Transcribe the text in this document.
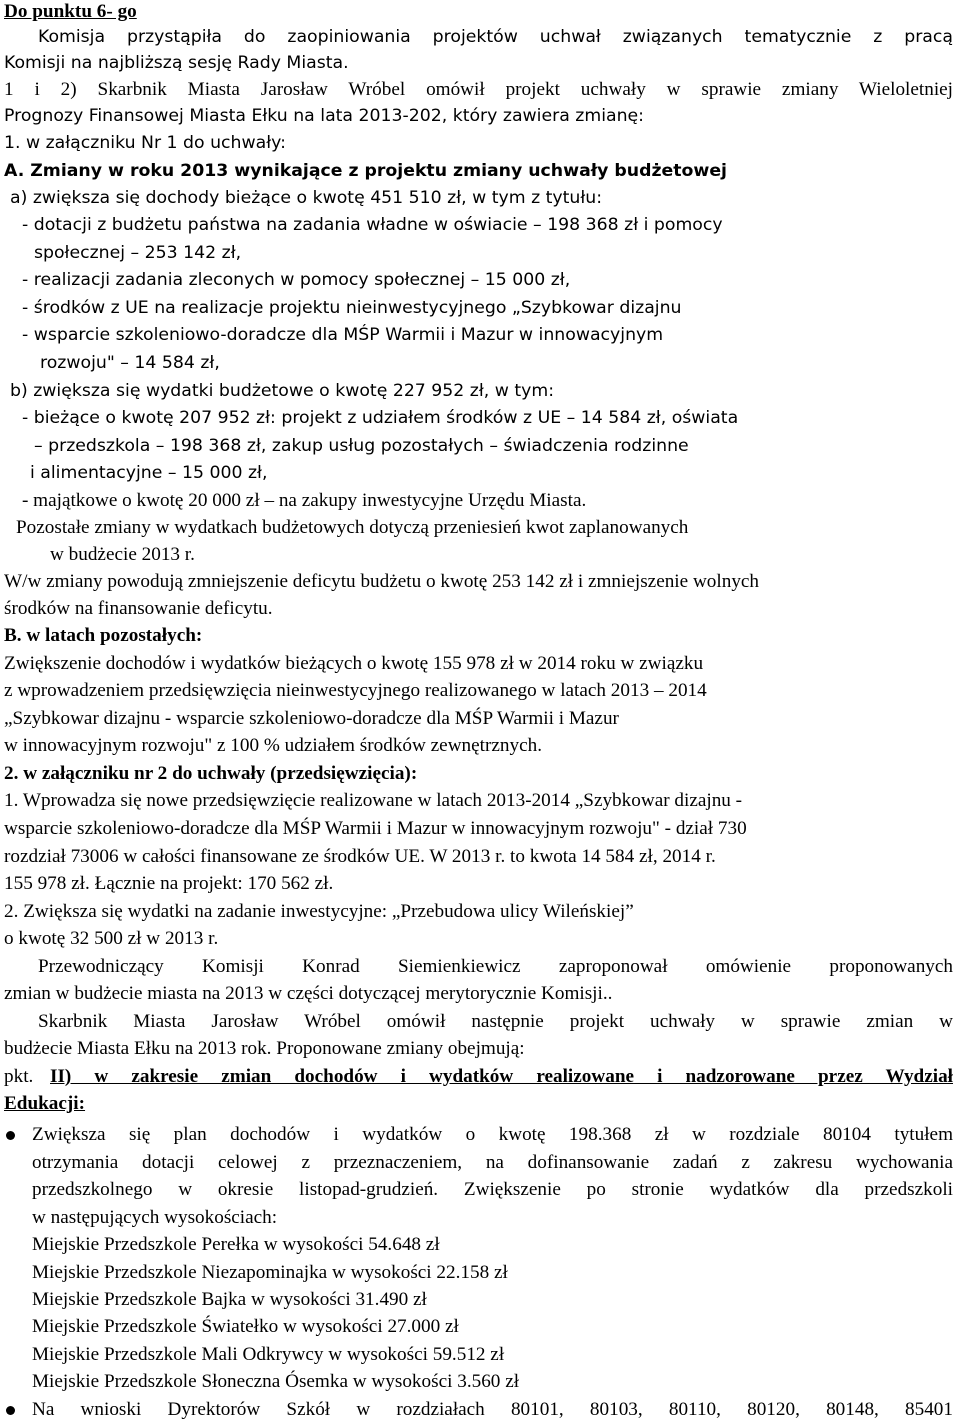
Do punktu 6- go
Komisja przystąpiła do zaopiniowania projektów uchwał związanych tematycznie z pracą
Komisji na najbliższą sesję Rady Miasta.
1 i 2) Skarbnik Miasta Jarosław Wróbel omówił projekt uchwały w sprawie zmiany Wieloletniej
Prognozy Finansowej Miasta Ełku na lata 2013-202, który zawiera zmianę:
1. w załączniku Nr 1 do uchwały:
A. Zmiany w roku 2013 wynikające z projektu zmiany uchwały budżetowej
a) zwiększa się dochody bieżące o kwotę 451 510 zł, w tym z tytułu:
- dotacji z budżetu państwa na zadania władne w oświacie – 198 368 zł i pomocy
społecznej – 253 142 zł,
- realizacji zadania zleconych w pomocy społecznej – 15 000 zł,
- środków z UE na realizacje projektu nieinwestycyjnego „Szybkowar dizajnu
- wsparcie szkoleniowo-doradcze dla MŚP Warmii i Mazur w innowacyjnym
rozwoju" – 14 584 zł,
b) zwiększa się wydatki budżetowe o kwotę 227 952 zł, w tym:
- bieżące o kwotę 207 952 zł: projekt z udziałem środków z UE – 14 584 zł, oświata
– przedszkola – 198 368 zł, zakup usług pozostałych – świadczenia rodzinne
i alimentacyjne – 15 000 zł,
- majątkowe o kwotę 20 000 zł – na zakupy inwestycyjne Urzędu Miasta.
Pozostałe zmiany w wydatkach budżetowych dotyczą przeniesień kwot zaplanowanych
w budżecie 2013 r.
W/w zmiany powodują zmniejszenie deficytu budżetu o kwotę 253 142 zł i zmniejszenie wolnych
środków na finansowanie deficytu.
B. w latach pozostałych:
Zwiększenie dochodów i wydatków bieżących o kwotę 155 978 zł w 2014 roku w związku
z wprowadzeniem przedsięwzięcia nieinwestycyjnego realizowanego w latach 2013 – 2014
„Szybkowar dizajnu - wsparcie szkoleniowo-doradcze dla MŚP Warmii i Mazur
w innowacyjnym rozwoju" z 100 % udziałem środków zewnętrznych.
2. w załączniku nr 2 do uchwały (przedsięwzięcia):
1. Wprowadza się nowe przedsięwzięcie realizowane w latach 2013-2014 „Szybkowar dizajnu -
wsparcie szkoleniowo-doradcze dla MŚP Warmii i Mazur w innowacyjnym rozwoju" - dział 730
rozdział 73006 w całości finansowane ze środków UE. W 2013 r. to kwota 14 584 zł, 2014 r.
155 978 zł. Łącznie na projekt: 170 562 zł.
2. Zwiększa się wydatki na zadanie inwestycyjne: „Przebudowa ulicy Wileńskiej”
o kwotę 32 500 zł w 2013 r.
Przewodniczący Komisji Konrad Siemienkiewicz zaproponował omówienie proponowanych
zmian w budżecie miasta na 2013 w części dotyczącej merytorycznie Komisji..
Skarbnik Miasta Jarosław Wróbel omówił następnie projekt uchwały w sprawie zmian w
budżecie Miasta Ełku na 2013 rok. Proponowane zmiany obejmują:
pkt. II) w zakresie zmian dochodów i wydatków realizowane i nadzorowane przez Wydział
Edukacji:
Zwiększa się plan dochodów i wydatków o kwotę 198.368 zł w rozdziale 80104 tytułem
otrzymania dotacji celowej z przeznaczeniem, na dofinansowanie zadań z zakresu wychowania
przedszkolnego w okresie listopad-grudzień. Zwiększenie po stronie wydatków dla przedszkoli
w następujących wysokościach:
Miejskie Przedszkole Perełka w wysokości 54.648 zł
Miejskie Przedszkole Niezapominajka w wysokości 22.158 zł
Miejskie Przedszkole Bajka w wysokości 31.490 zł
Miejskie Przedszkole Światełko w wysokości 27.000 zł
Miejskie Przedszkole Mali Odkrywcy w wysokości 59.512 zł
Miejskie Przedszkole Słoneczna Ósemka w wysokości 3.560 zł
Na wnioski Dyrektorów Szkół w rozdziałach 80101, 80103, 80110, 80120, 80148, 85401
